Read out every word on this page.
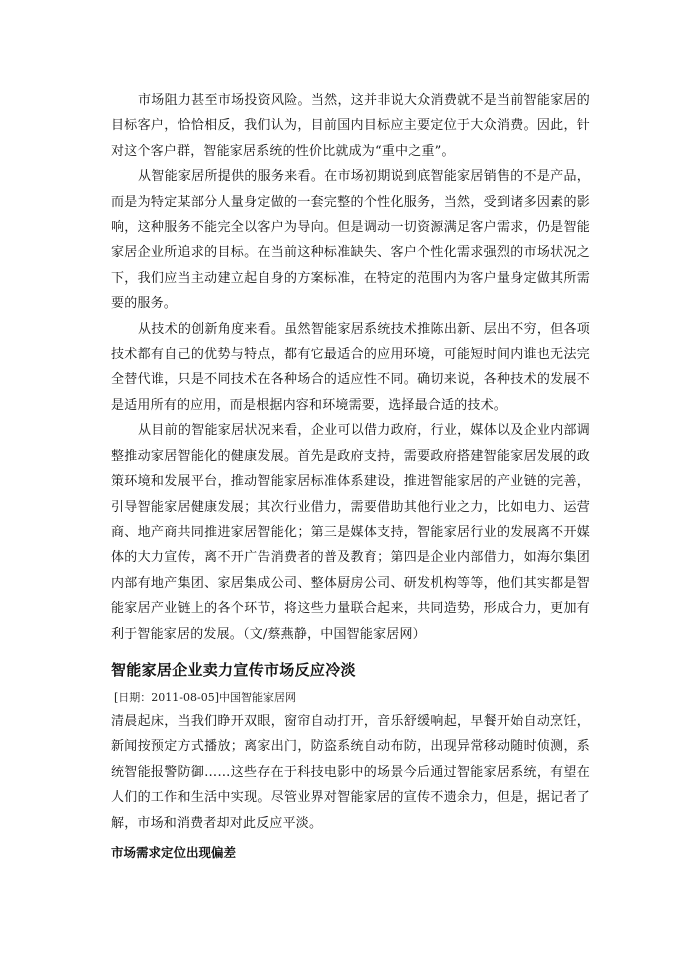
市场阻力甚至市场投资风险。当然，这并非说大众消费就不是当前智能家居的目标客户，恰恰相反，我们认为，目前国内目标应主要定位于大众消费。因此，针对这个客户群，智能家居系统的性价比就成为“重中之重”。

从智能家居所提供的服务来看。在市场初期说到底智能家居销售的不是产品，而是为特定某部分人量身定做的一套完整的个性化服务，当然，受到诸多因素的影响，这种服务不能完全以客户为导向。但是调动一切资源满足客户需求，仍是智能家居企业所追求的目标。在当前这种标准缺失、客户个性化需求强烈的市场状况之下，我们应当主动建立起自身的方案标准，在特定的范围内为客户量身定做其所需要的服务。

从技术的创新角度来看。虽然智能家居系统技术推陈出新、层出不穷，但各项技术都有自己的优势与特点，都有它最适合的应用环境，可能短时间内谁也无法完全替代谁，只是不同技术在各种场合的适应性不同。确切来说，各种技术的发展不是适用所有的应用，而是根据内容和环境需要，选择最合适的技术。

从目前的智能家居状况来看，企业可以借力政府，行业，媒体以及企业内部调整推动家居智能化的健康发展。首先是政府支持，需要政府搭建智能家居发展的政策环境和发展平台，推动智能家居标准体系建设，推进智能家居的产业链的完善，引导智能家居健康发展；其次行业借力，需要借助其他行业之力，比如电力、运营商、地产商共同推进家居智能化；第三是媒体支持，智能家居行业的发展离不开媒体的大力宣传，离不开广告消费者的普及教育；第四是企业内部借力，如海尔集团内部有地产集团、家居集成公司、整体厨房公司、研发机构等等，他们其实都是智能家居产业链上的各个环节，将这些力量联合起来，共同造势，形成合力，更加有利于智能家居的发展。（文/蔡燕静，中国智能家居网）

智能家居企业卖力宣传市场反应冷淡

[日期：2011-08-05]中国智能家居网

清晨起床，当我们睁开双眼，窗帘自动打开，音乐舒缓响起，早餐开始自动烹饪，新闻按预定方式播放；离家出门，防盗系统自动布防，出现异常移动随时侦测，系统智能报警防御……这些存在于科技电影中的场景今后通过智能家居系统，有望在人们的工作和生活中实现。尽管业界对智能家居的宣传不遗余力，但是，据记者了解，市场和消费者却对此反应平淡。

市场需求定位出现偏差
